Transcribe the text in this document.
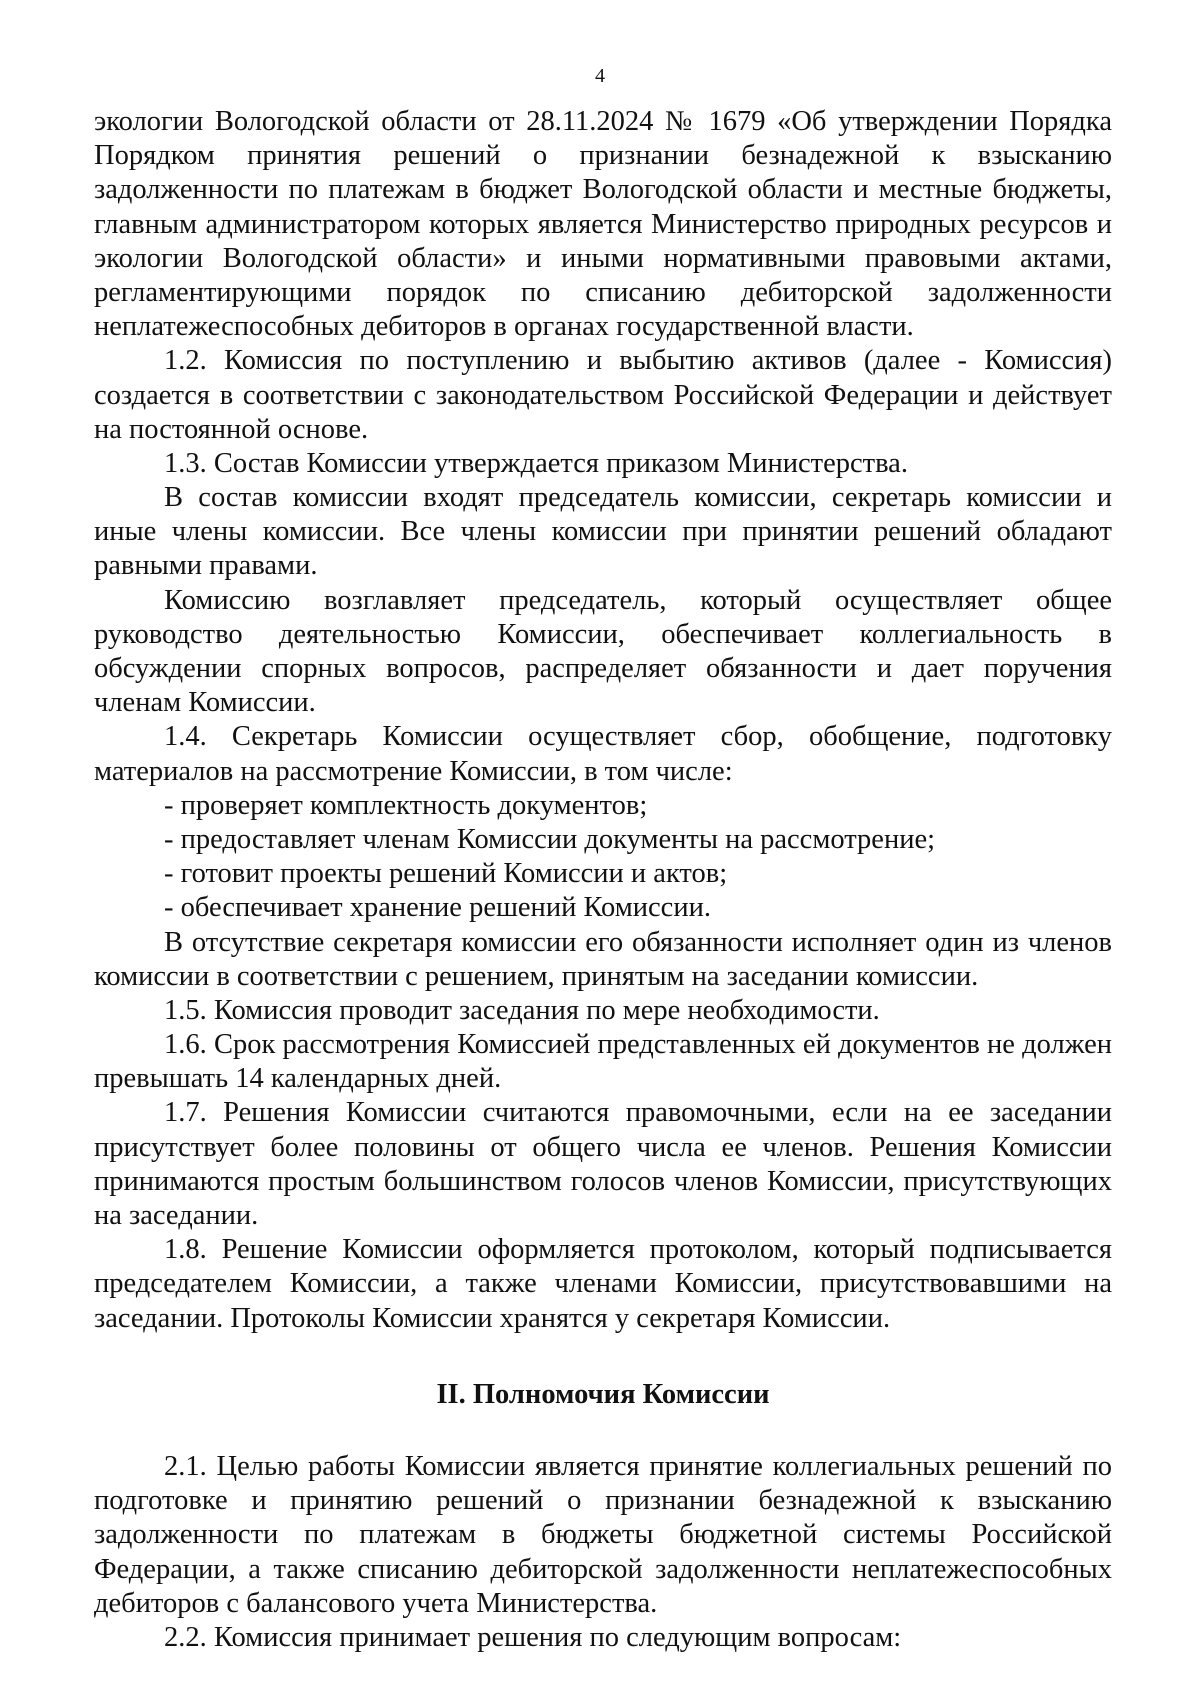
4

экологии Вологодской области от 28.11.2024 № 1679 «Об утверждении Порядка Порядком принятия решений о признании безнадежной к взысканию задолженности по платежам в бюджет Вологодской области и местные бюджеты, главным администратором которых является Министерство природных ресурсов и экологии Вологодской области» и иными нормативными правовыми актами, регламентирующими порядок по списанию дебиторской задолженности неплатежеспособных дебиторов в органах государственной власти.

1.2. Комиссия по поступлению и выбытию активов (далее - Комиссия) создается в соответствии с законодательством Российской Федерации и действует на постоянной основе.

1.3. Состав Комиссии утверждается приказом Министерства.

В состав комиссии входят председатель комиссии, секретарь комиссии и иные члены комиссии. Все члены комиссии при принятии решений обладают равными правами.

Комиссию возглавляет председатель, который осуществляет общее руководство деятельностью Комиссии, обеспечивает коллегиальность в обсуждении спорных вопросов, распределяет обязанности и дает поручения членам Комиссии.

1.4. Секретарь Комиссии осуществляет сбор, обобщение, подготовку материалов на рассмотрение Комиссии, в том числе:

- проверяет комплектность документов;

- предоставляет членам Комиссии документы на рассмотрение;

- готовит проекты решений Комиссии и актов;

- обеспечивает хранение решений Комиссии.

В отсутствие секретаря комиссии его обязанности исполняет один из членов комиссии в соответствии с решением, принятым на заседании комиссии.

1.5. Комиссия проводит заседания по мере необходимости.

1.6. Срок рассмотрения Комиссией представленных ей документов не должен превышать 14 календарных дней.

1.7. Решения Комиссии считаются правомочными, если на ее заседании присутствует более половины от общего числа ее членов. Решения Комиссии принимаются простым большинством голосов членов Комиссии, присутствующих на заседании.

1.8. Решение Комиссии оформляется протоколом, который подписывается председателем Комиссии, а также членами Комиссии, присутствовавшими на заседании. Протоколы Комиссии хранятся у секретаря Комиссии.

II. Полномочия Комиссии

2.1. Целью работы Комиссии является принятие коллегиальных решений по подготовке и принятию решений о признании безнадежной к взысканию задолженности по платежам в бюджеты бюджетной системы Российской Федерации, а также списанию дебиторской задолженности неплатежеспособных дебиторов с балансового учета Министерства.

2.2. Комиссия принимает решения по следующим вопросам:
